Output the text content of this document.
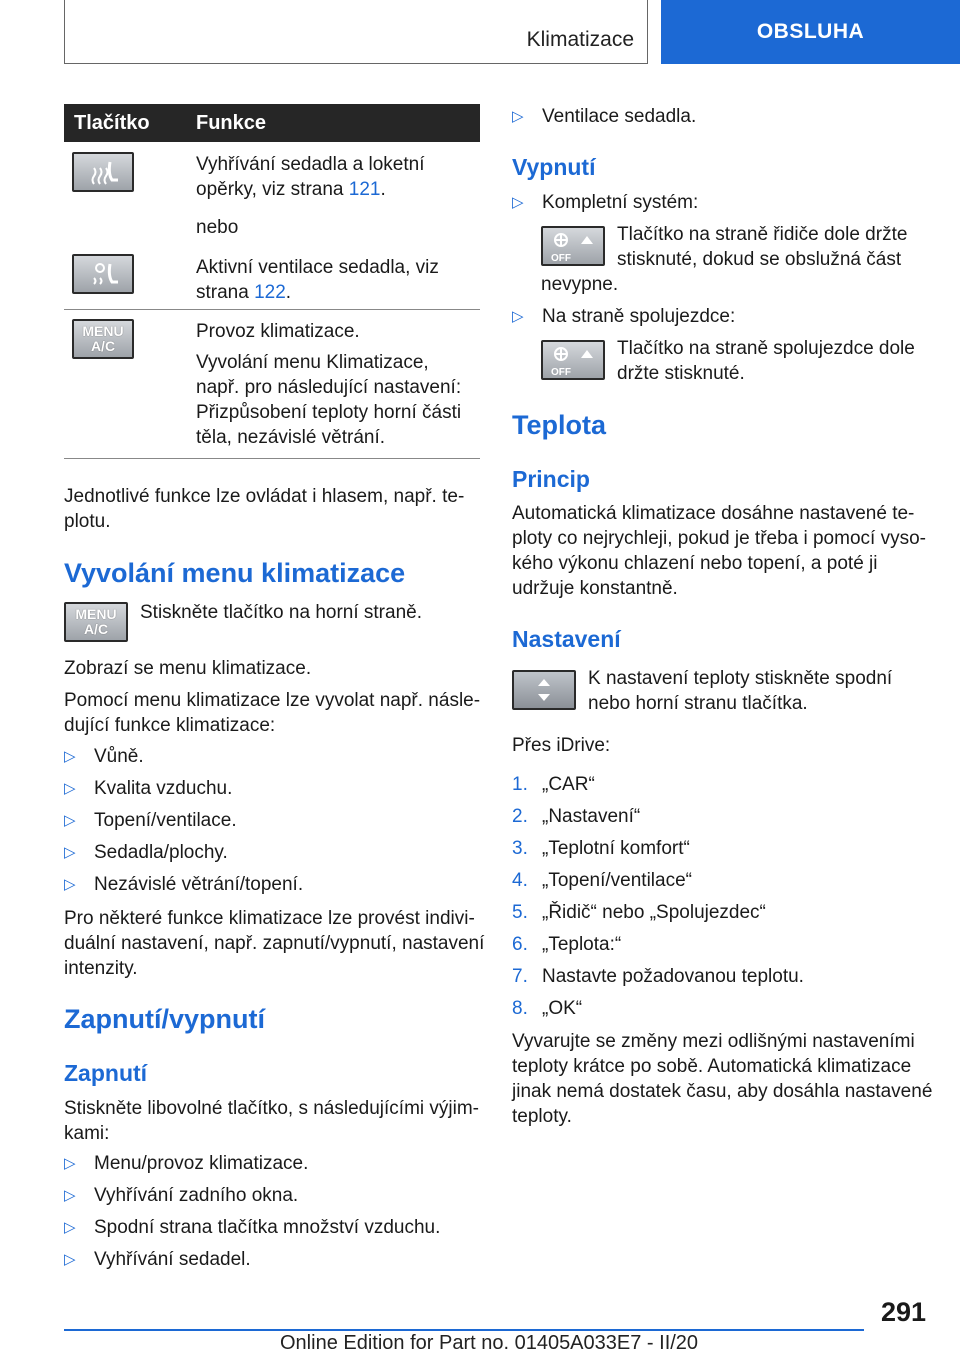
Klimatizace	OBSLUHA
Tlačítko Funkce
Vyhřívání sedadla a loketní
opěrky, viz strana 121.
nebo
Aktivní ventilace sedadla, viz
strana 122.
MENU
A/C
Provoz klimatizace.
Vyvolání menu Klimatizace,
např. pro následující nastavení:
Přizpůsobení teploty horní části
těla, nezávislé větrání.
Jednotlivé funkce lze ovládat i hlasem, např. te-
plotu.
Vyvolání menu klimatizace
MENU
A/C
Stiskněte tlačítko na horní straně.
Zobrazí se menu klimatizace.
Pomocí menu klimatizace lze vyvolat např. násle-
dující funkce klimatizace:
▷ Vůně.
▷ Kvalita vzduchu.
▷ Topení/ventilace.
▷ Sedadla/plochy.
▷ Nezávislé větrání/topení.
Pro některé funkce klimatizace lze provést indivi-
duální nastavení, např. zapnutí/vypnutí, nastavení
intenzity.
Zapnutí/vypnutí
Zapnutí
Stiskněte libovolné tlačítko, s následujícími výjim-
kami:
▷ Menu/provoz klimatizace.
▷ Vyhřívání zadního okna.
▷ Spodní strana tlačítka množství vzduchu.
▷ Vyhřívání sedadel.
▷ Ventilace sedadla.
Vypnutí
▷ Kompletní systém:
OFF
Tlačítko na straně řidiče dole držte
stisknuté, dokud se obslužná část
nevypne.
▷ Na straně spolujezdce:
OFF
Tlačítko na straně spolujezdce dole
držte stisknuté.
Teplota
Princip
Automatická klimatizace dosáhne nastavené te-
ploty co nejrychleji, pokud je třeba i pomocí vyso-
kého výkonu chlazení nebo topení, a poté ji
udržuje konstantně.
Nastavení
K nastavení teploty stiskněte spodní
nebo horní stranu tlačítka.
Přes iDrive:
1. „CAR“
2. „Nastavení“
3. „Teplotní komfort“
4. „Topení/ventilace“
5. „Řidič“ nebo „Spolujezdec“
6. „Teplota:“
7. Nastavte požadovanou teplotu.
8. „OK“
Vyvarujte se změny mezi odlišnými nastaveními
teploty krátce po sobě. Automatická klimatizace
jinak nemá dostatek času, aby dosáhla nastavené
teploty.
291
Online Edition for Part no. 01405A033E7 - II/20
